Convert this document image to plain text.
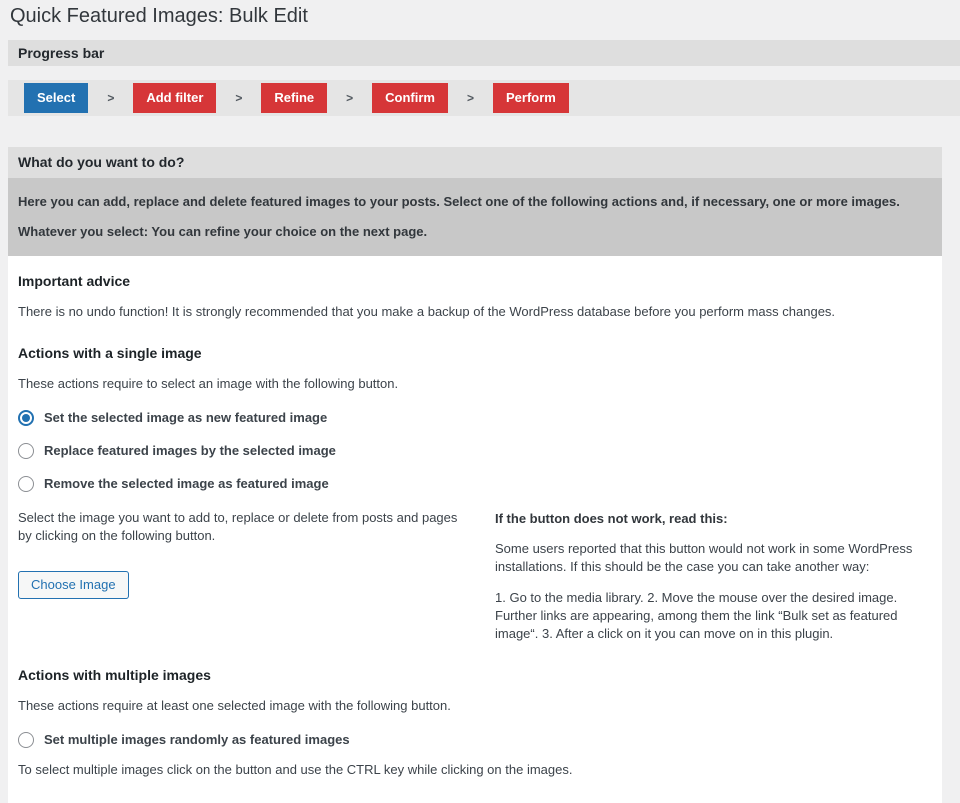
Quick Featured Images: Bulk Edit
Progress bar
Select	>	Add filter	>	Refine	>	Confirm	>	Perform
What do you want to do?

Here you can add, replace and delete featured images to your posts. Select one of the following actions and, if necessary, one or more images.

Whatever you select: You can refine your choice on the next page.

Important advice

There is no undo function! It is strongly recommended that you make a backup of the WordPress database before you perform mass changes.

Actions with a single image

These actions require to select an image with the following button.

Set the selected image as new featured image
Replace featured images by the selected image
Remove the selected image as featured image

Select the image you want to add to, replace or delete from posts and pages by clicking on the following button.

Choose Image
If the button does not work, read this:

Some users reported that this button would not work in some WordPress installations. If this should be the case you can take another way:

1. Go to the media library. 2. Move the mouse over the desired image. Further links are appearing, among them the link “Bulk set as featured image“. 3. After a click on it you can move on in this plugin.

Actions with multiple images

These actions require at least one selected image with the following button.

Set multiple images randomly as featured images

To select multiple images click on the button and use the CTRL key while clicking on the images.
